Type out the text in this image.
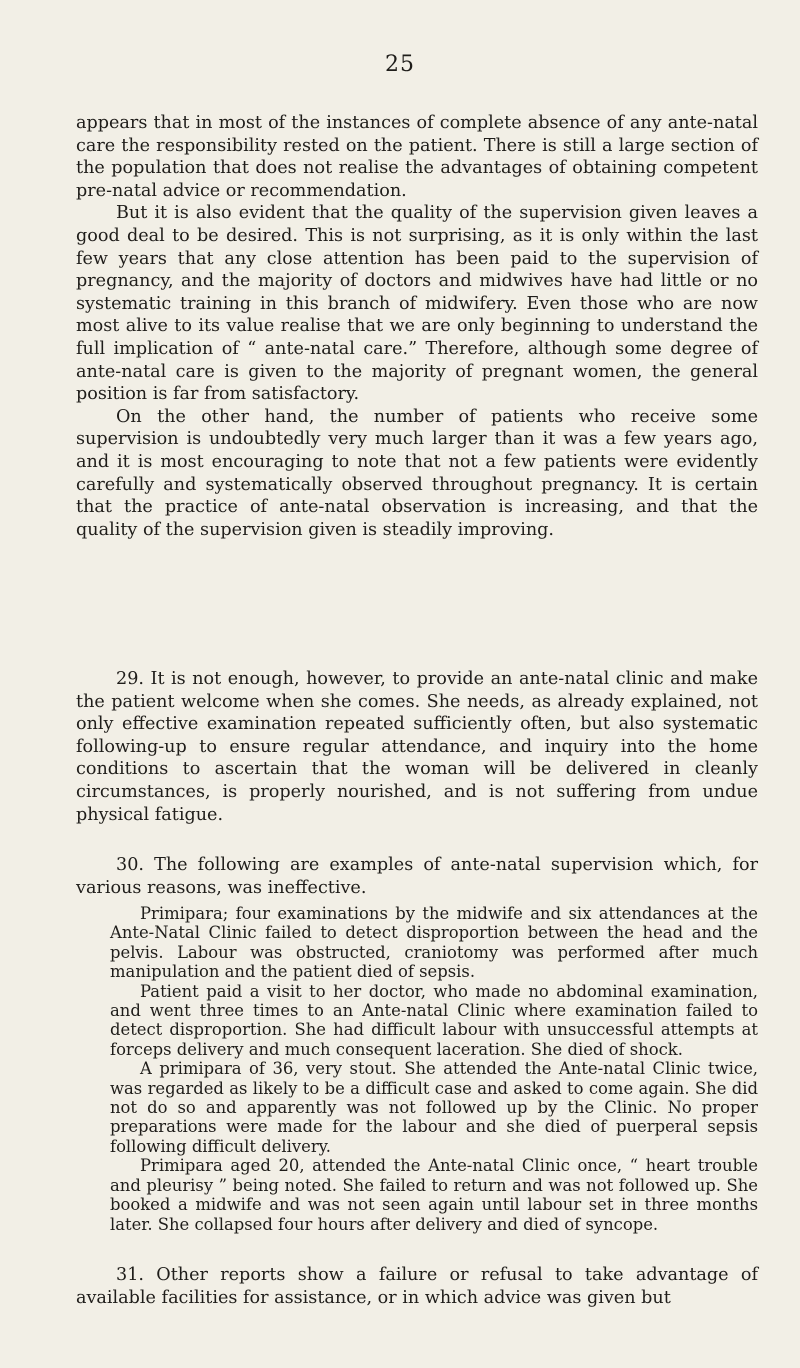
25

appears that in most of the instances of complete absence of any ante-natal care the responsibility rested on the patient. There is still a large section of the population that does not realise the advantages of obtaining competent pre-natal advice or recommendation.

But it is also evident that the quality of the supervision given leaves a good deal to be desired. This is not surprising, as it is only within the last few years that any close attention has been paid to the supervision of pregnancy, and the majority of doctors and midwives have had little or no systematic training in this branch of midwifery. Even those who are now most alive to its value realise that we are only beginning to understand the full implication of “ ante-natal care.” Therefore, although some degree of ante-natal care is given to the majority of pregnant women, the general position is far from satisfactory.

On the other hand, the number of patients who receive some supervision is undoubtedly very much larger than it was a few years ago, and it is most encouraging to note that not a few patients were evidently carefully and systematically observed throughout pregnancy. It is certain that the practice of ante-natal observation is increasing, and that the quality of the supervision given is steadily improving.

29. It is not enough, however, to provide an ante-natal clinic and make the patient welcome when she comes. She needs, as already explained, not only effective examination repeated sufficiently often, but also systematic following-up to ensure regular attendance, and inquiry into the home conditions to ascertain that the woman will be delivered in cleanly circumstances, is properly nourished, and is not suffering from undue physical fatigue.

30. The following are examples of ante-natal supervision which, for various reasons, was ineffective.

Primipara; four examinations by the midwife and six attendances at the Ante-Natal Clinic failed to detect disproportion between the head and the pelvis. Labour was obstructed, craniotomy was performed after much manipulation and the patient died of sepsis.

Patient paid a visit to her doctor, who made no abdominal examination, and went three times to an Ante-natal Clinic where examination failed to detect disproportion. She had difficult labour with unsuccessful attempts at forceps delivery and much consequent laceration. She died of shock.

A primipara of 36, very stout. She attended the Ante-natal Clinic twice, was regarded as likely to be a difficult case and asked to come again. She did not do so and apparently was not followed up by the Clinic. No proper preparations were made for the labour and she died of puerperal sepsis following difficult delivery.

Primipara aged 20, attended the Ante-natal Clinic once, “ heart trouble and pleurisy ” being noted. She failed to return and was not followed up. She booked a midwife and was not seen again until labour set in three months later. She collapsed four hours after delivery and died of syncope.

31. Other reports show a failure or refusal to take advantage of available facilities for assistance, or in which advice was given but
